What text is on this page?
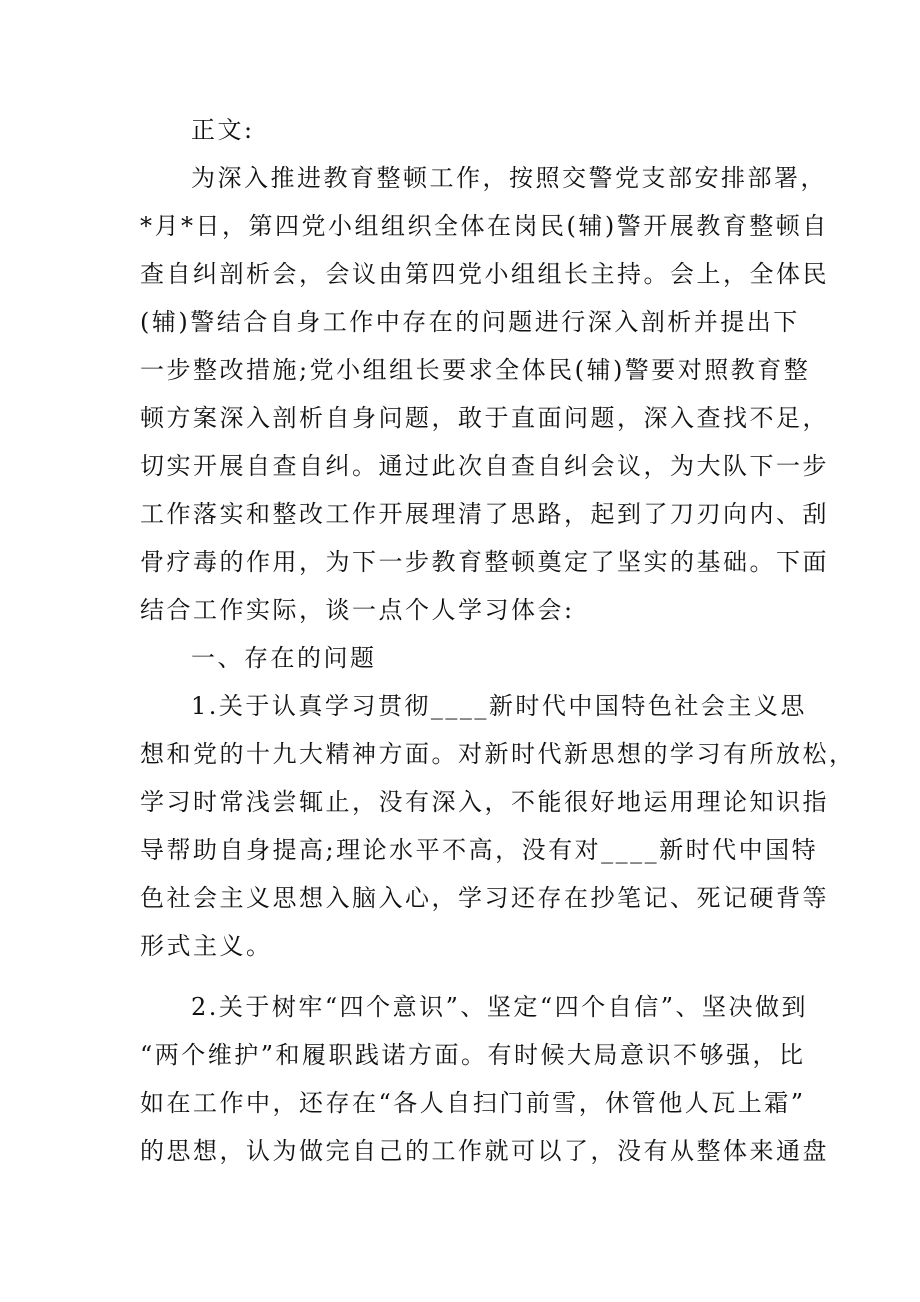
正文:
为深入推进教育整顿工作，按照交警党支部安排部署，
*月*日，第四党小组组织全体在岗民(辅)警开展教育整顿自
查自纠剖析会，会议由第四党小组组长主持。会上，全体民
(辅)警结合自身工作中存在的问题进行深入剖析并提出下
一步整改措施;党小组组长要求全体民(辅)警要对照教育整
顿方案深入剖析自身问题，敢于直面问题，深入查找不足，
切实开展自查自纠。通过此次自查自纠会议，为大队下一步
工作落实和整改工作开展理清了思路，起到了刀刃向内、刮
骨疗毒的作用，为下一步教育整顿奠定了坚实的基础。下面
结合工作实际，谈一点个人学习体会:
一、存在的问题
1.关于认真学习贯彻____新时代中国特色社会主义思
想和党的十九大精神方面。对新时代新思想的学习有所放松，
学习时常浅尝辄止，没有深入，不能很好地运用理论知识指
导帮助自身提高;理论水平不高，没有对____新时代中国特
色社会主义思想入脑入心，学习还存在抄笔记、死记硬背等
形式主义。
2.关于树牢“四个意识”、坚定“四个自信”、坚决做到
“两个维护”和履职践诺方面。有时候大局意识不够强，比
如在工作中，还存在“各人自扫门前雪，休管他人瓦上霜”
的思想，认为做完自己的工作就可以了，没有从整体来通盘
